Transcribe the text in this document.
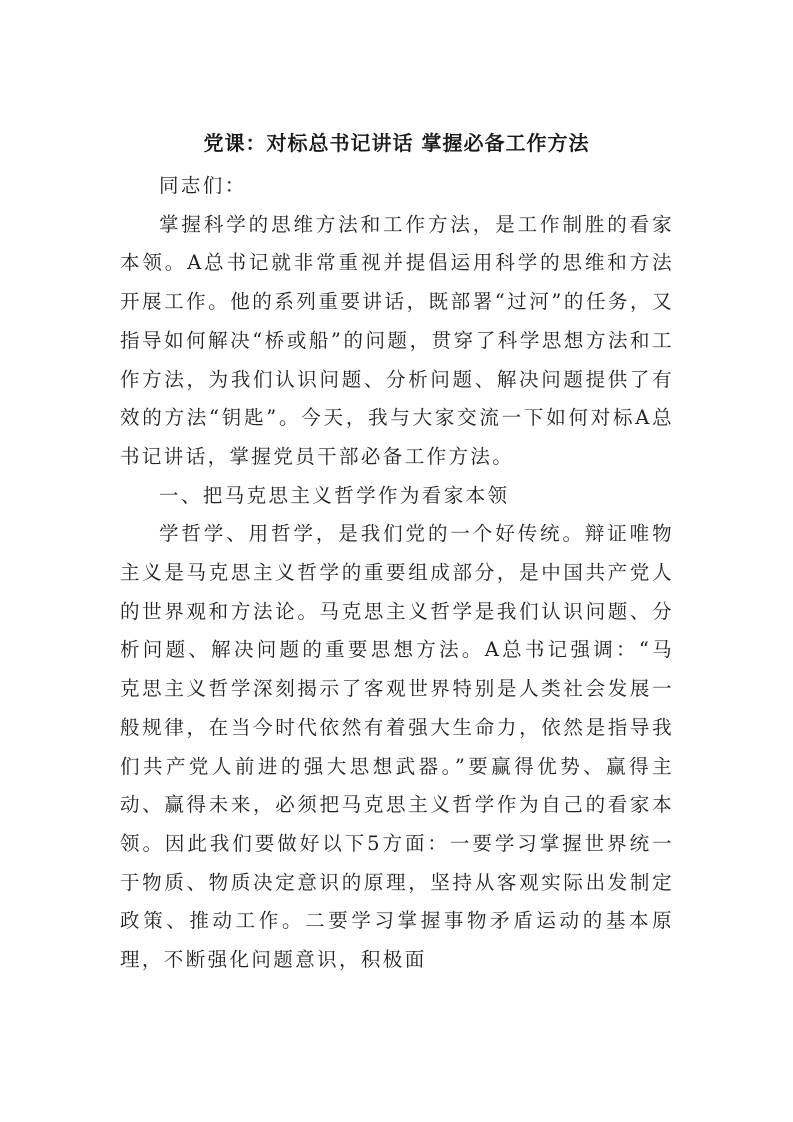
党课：对标总书记讲话 掌握必备工作方法

同志们：

掌握科学的思维方法和工作方法，是工作制胜的看家本领。A总书记就非常重视并提倡运用科学的思维和方法开展工作。他的系列重要讲话，既部署“过河”的任务，又指导如何解决“桥或船”的问题，贯穿了科学思想方法和工作方法，为我们认识问题、分析问题、解决问题提供了有效的方法“钥匙”。今天，我与大家交流一下如何对标A总书记讲话，掌握党员干部必备工作方法。

一、把马克思主义哲学作为看家本领

学哲学、用哲学，是我们党的一个好传统。辩证唯物主义是马克思主义哲学的重要组成部分，是中国共产党人的世界观和方法论。马克思主义哲学是我们认识问题、分析问题、解决问题的重要思想方法。A总书记强调：“马克思主义哲学深刻揭示了客观世界特别是人类社会发展一般规律，在当今时代依然有着强大生命力，依然是指导我们共产党人前进的强大思想武器。”要赢得优势、赢得主动、赢得未来，必须把马克思主义哲学作为自己的看家本领。因此我们要做好以下5方面：一要学习掌握世界统一于物质、物质决定意识的原理，坚持从客观实际出发制定政策、推动工作。二要学习掌握事物矛盾运动的基本原理，不断强化问题意识，积极面
